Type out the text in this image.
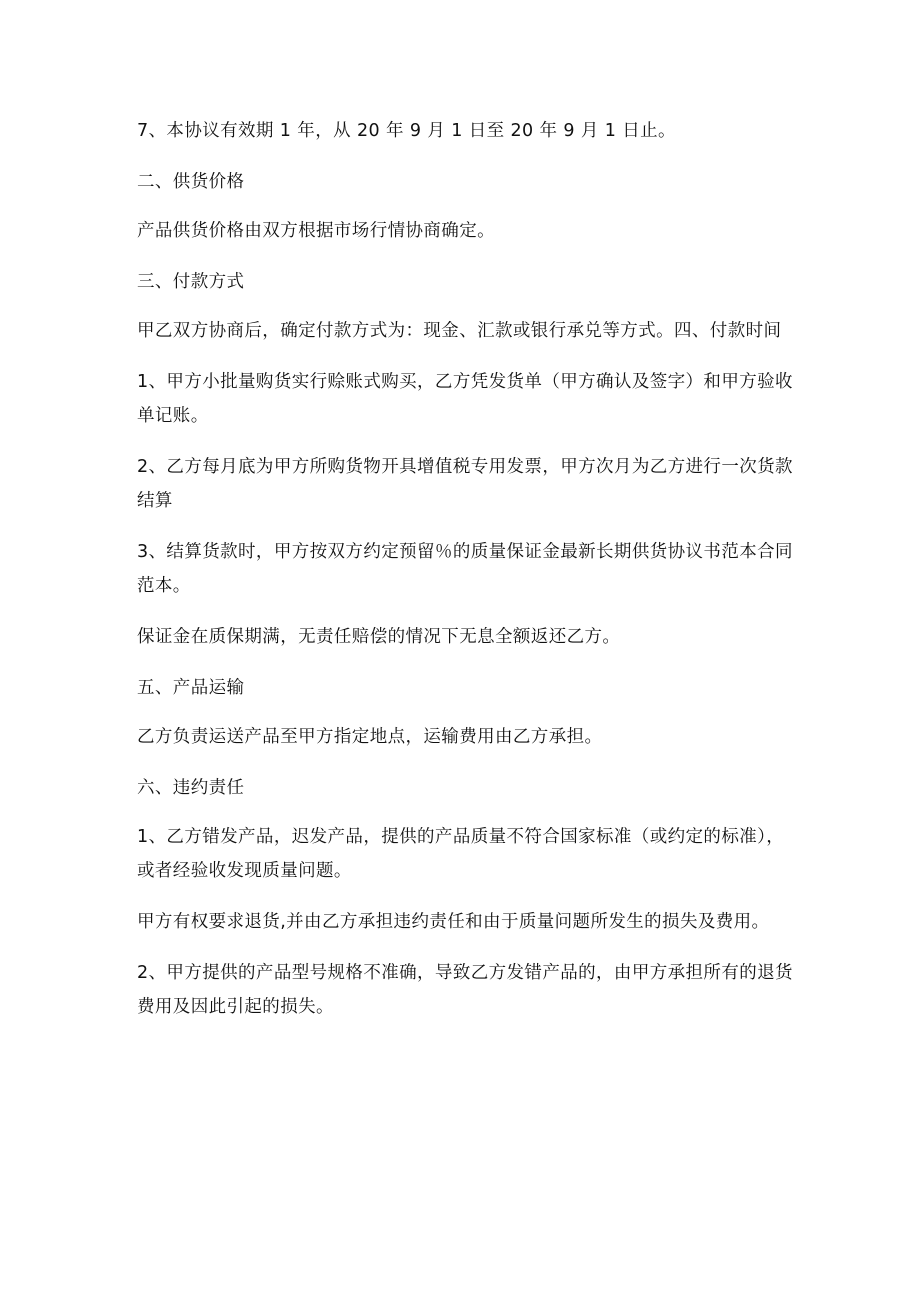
7、本协议有效期 1 年，从 20 年 9 月 1 日至 20 年 9 月 1 日止。

二、供货价格

产品供货价格由双方根据市场行情协商确定。

三、付款方式

甲乙双方协商后，确定付款方式为：现金、汇款或银行承兑等方式。四、付款时间

1、甲方小批量购货实行赊账式购买，乙方凭发货单（甲方确认及签字）和甲方验收单记账。

2、乙方每月底为甲方所购货物开具增值税专用发票，甲方次月为乙方进行一次货款结算

3、结算货款时，甲方按双方约定预留％的质量保证金最新长期供货协议书范本合同范本。

保证金在质保期满，无责任赔偿的情况下无息全额返还乙方。

五、产品运输

乙方负责运送产品至甲方指定地点，运输费用由乙方承担。

六、违约责任

1、乙方错发产品，迟发产品，提供的产品质量不符合国家标准（或约定的标准），或者经验收发现质量问题。

甲方有权要求退货,并由乙方承担违约责任和由于质量问题所发生的损失及费用。

2、甲方提供的产品型号规格不准确，导致乙方发错产品的，由甲方承担所有的退货费用及因此引起的损失。
